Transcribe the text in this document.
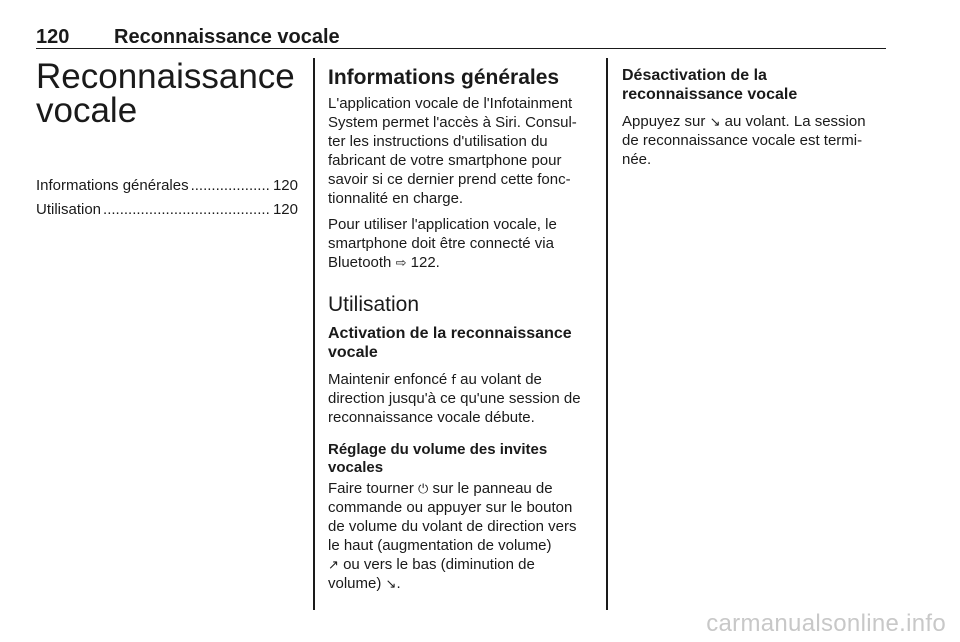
120 Reconnaissance vocale
Reconnaissance
vocale
Informations générales .....	120
Utilisation .....	120
Informations générales

L'application vocale de l'Infotainment
System permet l'accès à Siri. Consul-
ter les instructions d'utilisation du
fabricant de votre smartphone pour
savoir si ce dernier prend cette fonc-
tionnalité en charge.

Pour utiliser l'application vocale, le
smartphone doit être connecté via
Bluetooth ⇨ 122.

Utilisation
Activation de la reconnaissance
vocale

Maintenir enfoncé 𝖿 au volant de
direction jusqu'à ce qu'une session de
reconnaissance vocale débute.

Réglage du volume des invites
vocales

Faire tourner ⏻ sur le panneau de
commande ou appuyer sur le bouton
de volume du volant de direction vers
le haut (augmentation de volume)
↗ ou vers le bas (diminution de
volume) ↘.

Désactivation de la
reconnaissance vocale

Appuyez sur ↘ au volant. La session
de reconnaissance vocale est termi-
née.

carmanualsonline.info
